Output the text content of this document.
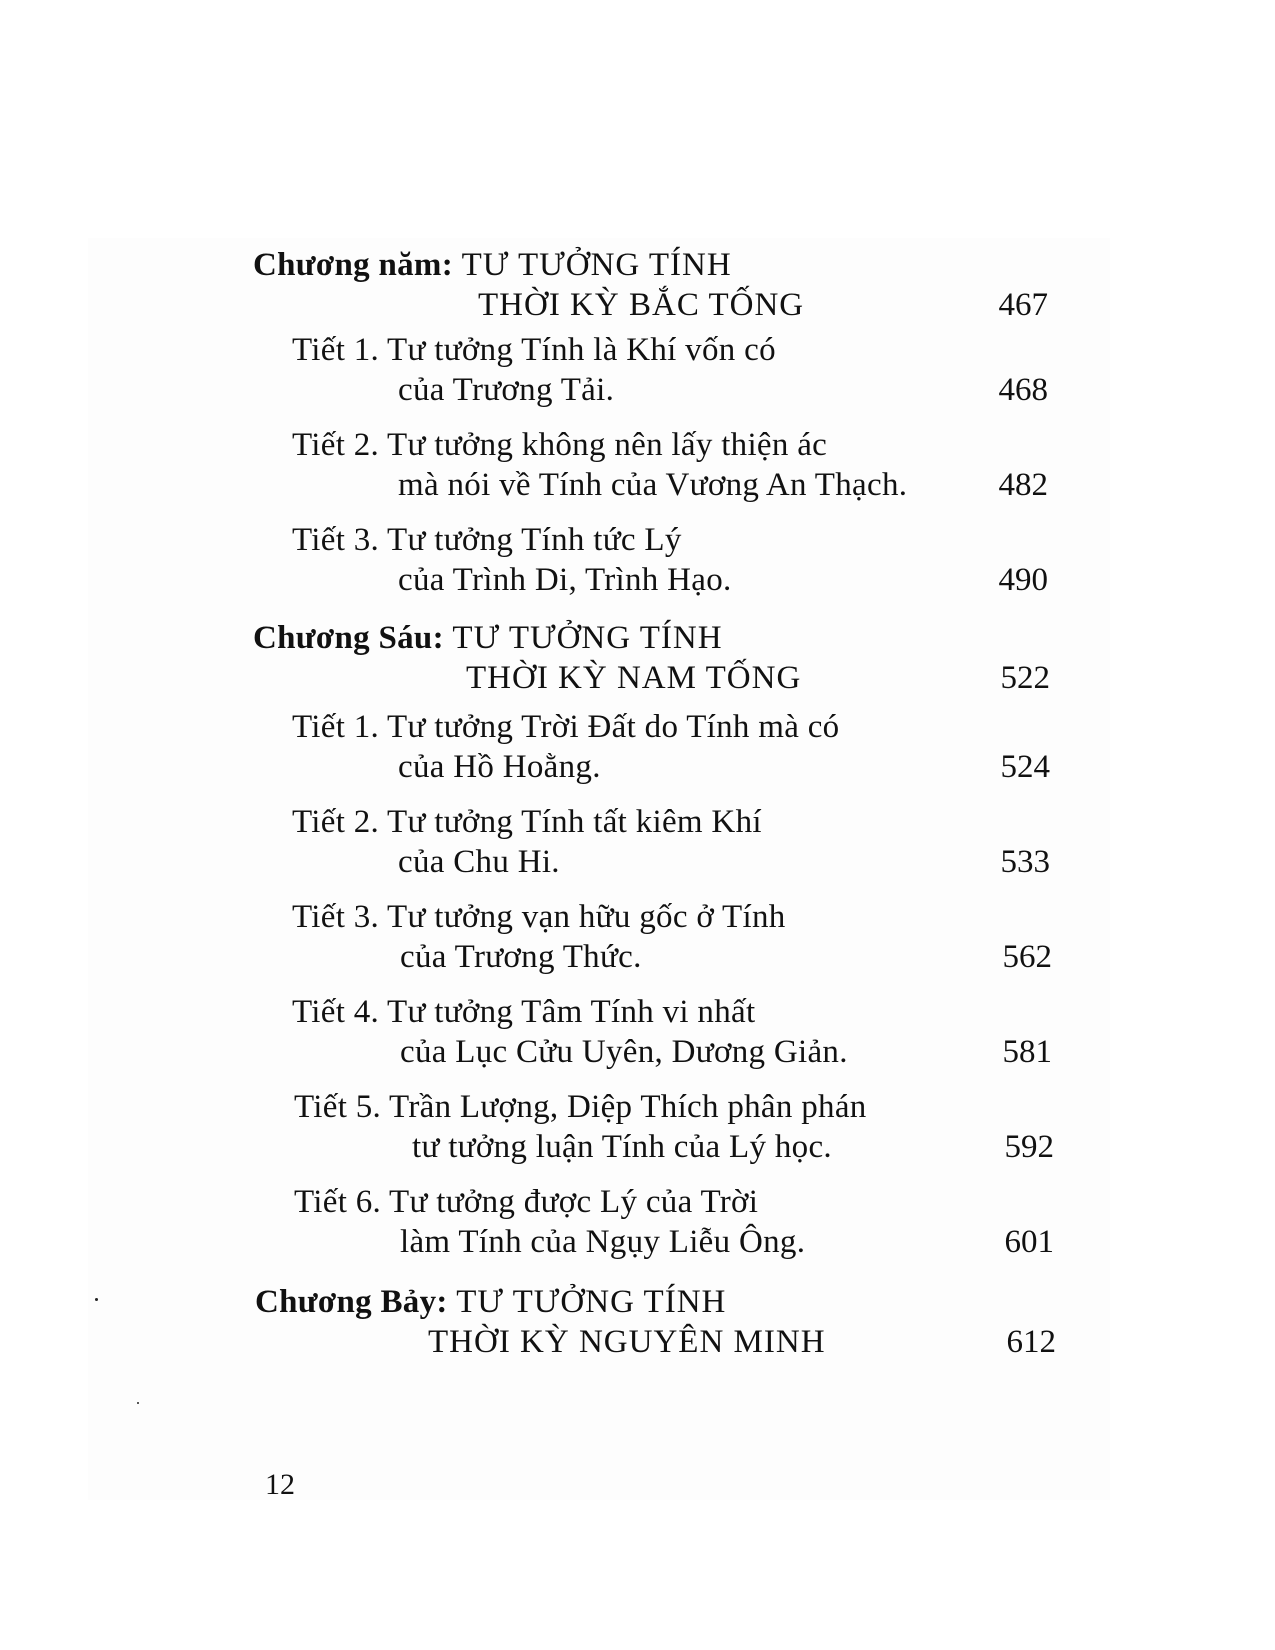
Chương năm: TƯ TƯỞNG TÍNH
THỜI KỲ BẮC TỐNG	467
Tiết 1. Tư tưởng Tính là Khí vốn có
của Trương Tải.	468
Tiết 2. Tư tưởng không nên lấy thiện ác
mà nói về Tính của Vương An Thạch.	482
Tiết 3. Tư tưởng Tính tức Lý
của Trình Di, Trình Hạo.	490
Chương Sáu: TƯ TƯỞNG TÍNH
THỜI KỲ NAM TỐNG	522
Tiết 1. Tư tưởng Trời Đất do Tính mà có
của Hồ Hoằng.	524
Tiết 2. Tư tưởng Tính tất kiêm Khí
của Chu Hi.	533
Tiết 3. Tư tưởng vạn hữu gốc ở Tính
của Trương Thức.	562
Tiết 4. Tư tưởng Tâm Tính vi nhất
của Lục Cửu Uyên, Dương Giản.	581
Tiết 5. Trần Lượng, Diệp Thích phân phán
tư tưởng luận Tính của Lý học.	592
Tiết 6. Tư tưởng được Lý của Trời
làm Tính của Ngụy Liễu Ông.	601
Chương Bảy: TƯ TƯỞNG TÍNH
THỜI KỲ NGUYÊN MINH	612
12
